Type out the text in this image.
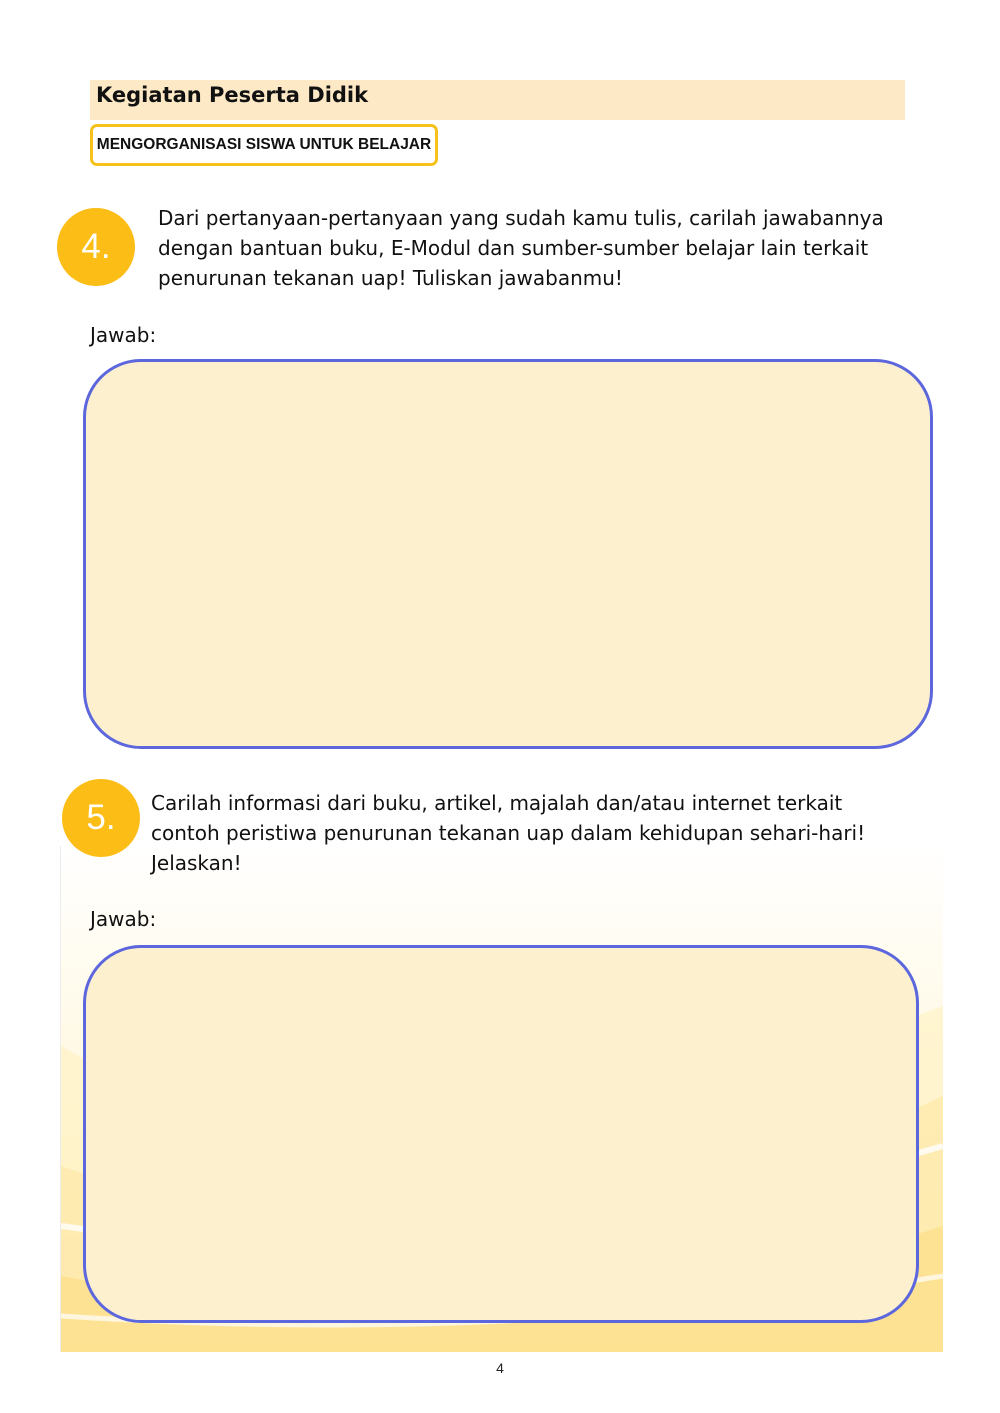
Kegiatan Peserta Didik
MENGORGANISASI SISWA UNTUK BELAJAR
4.
Dari pertanyaan-pertanyaan yang sudah kamu tulis, carilah jawabannya
dengan bantuan buku, E-Modul dan sumber-sumber belajar lain terkait
penurunan tekanan uap! Tuliskan jawabanmu!
Jawab:
5.	Carilah informasi dari buku, artikel, majalah dan/atau internet terkait
contoh peristiwa penurunan tekanan uap dalam kehidupan sehari-hari!
Jelaskan!
Jawab:
4
